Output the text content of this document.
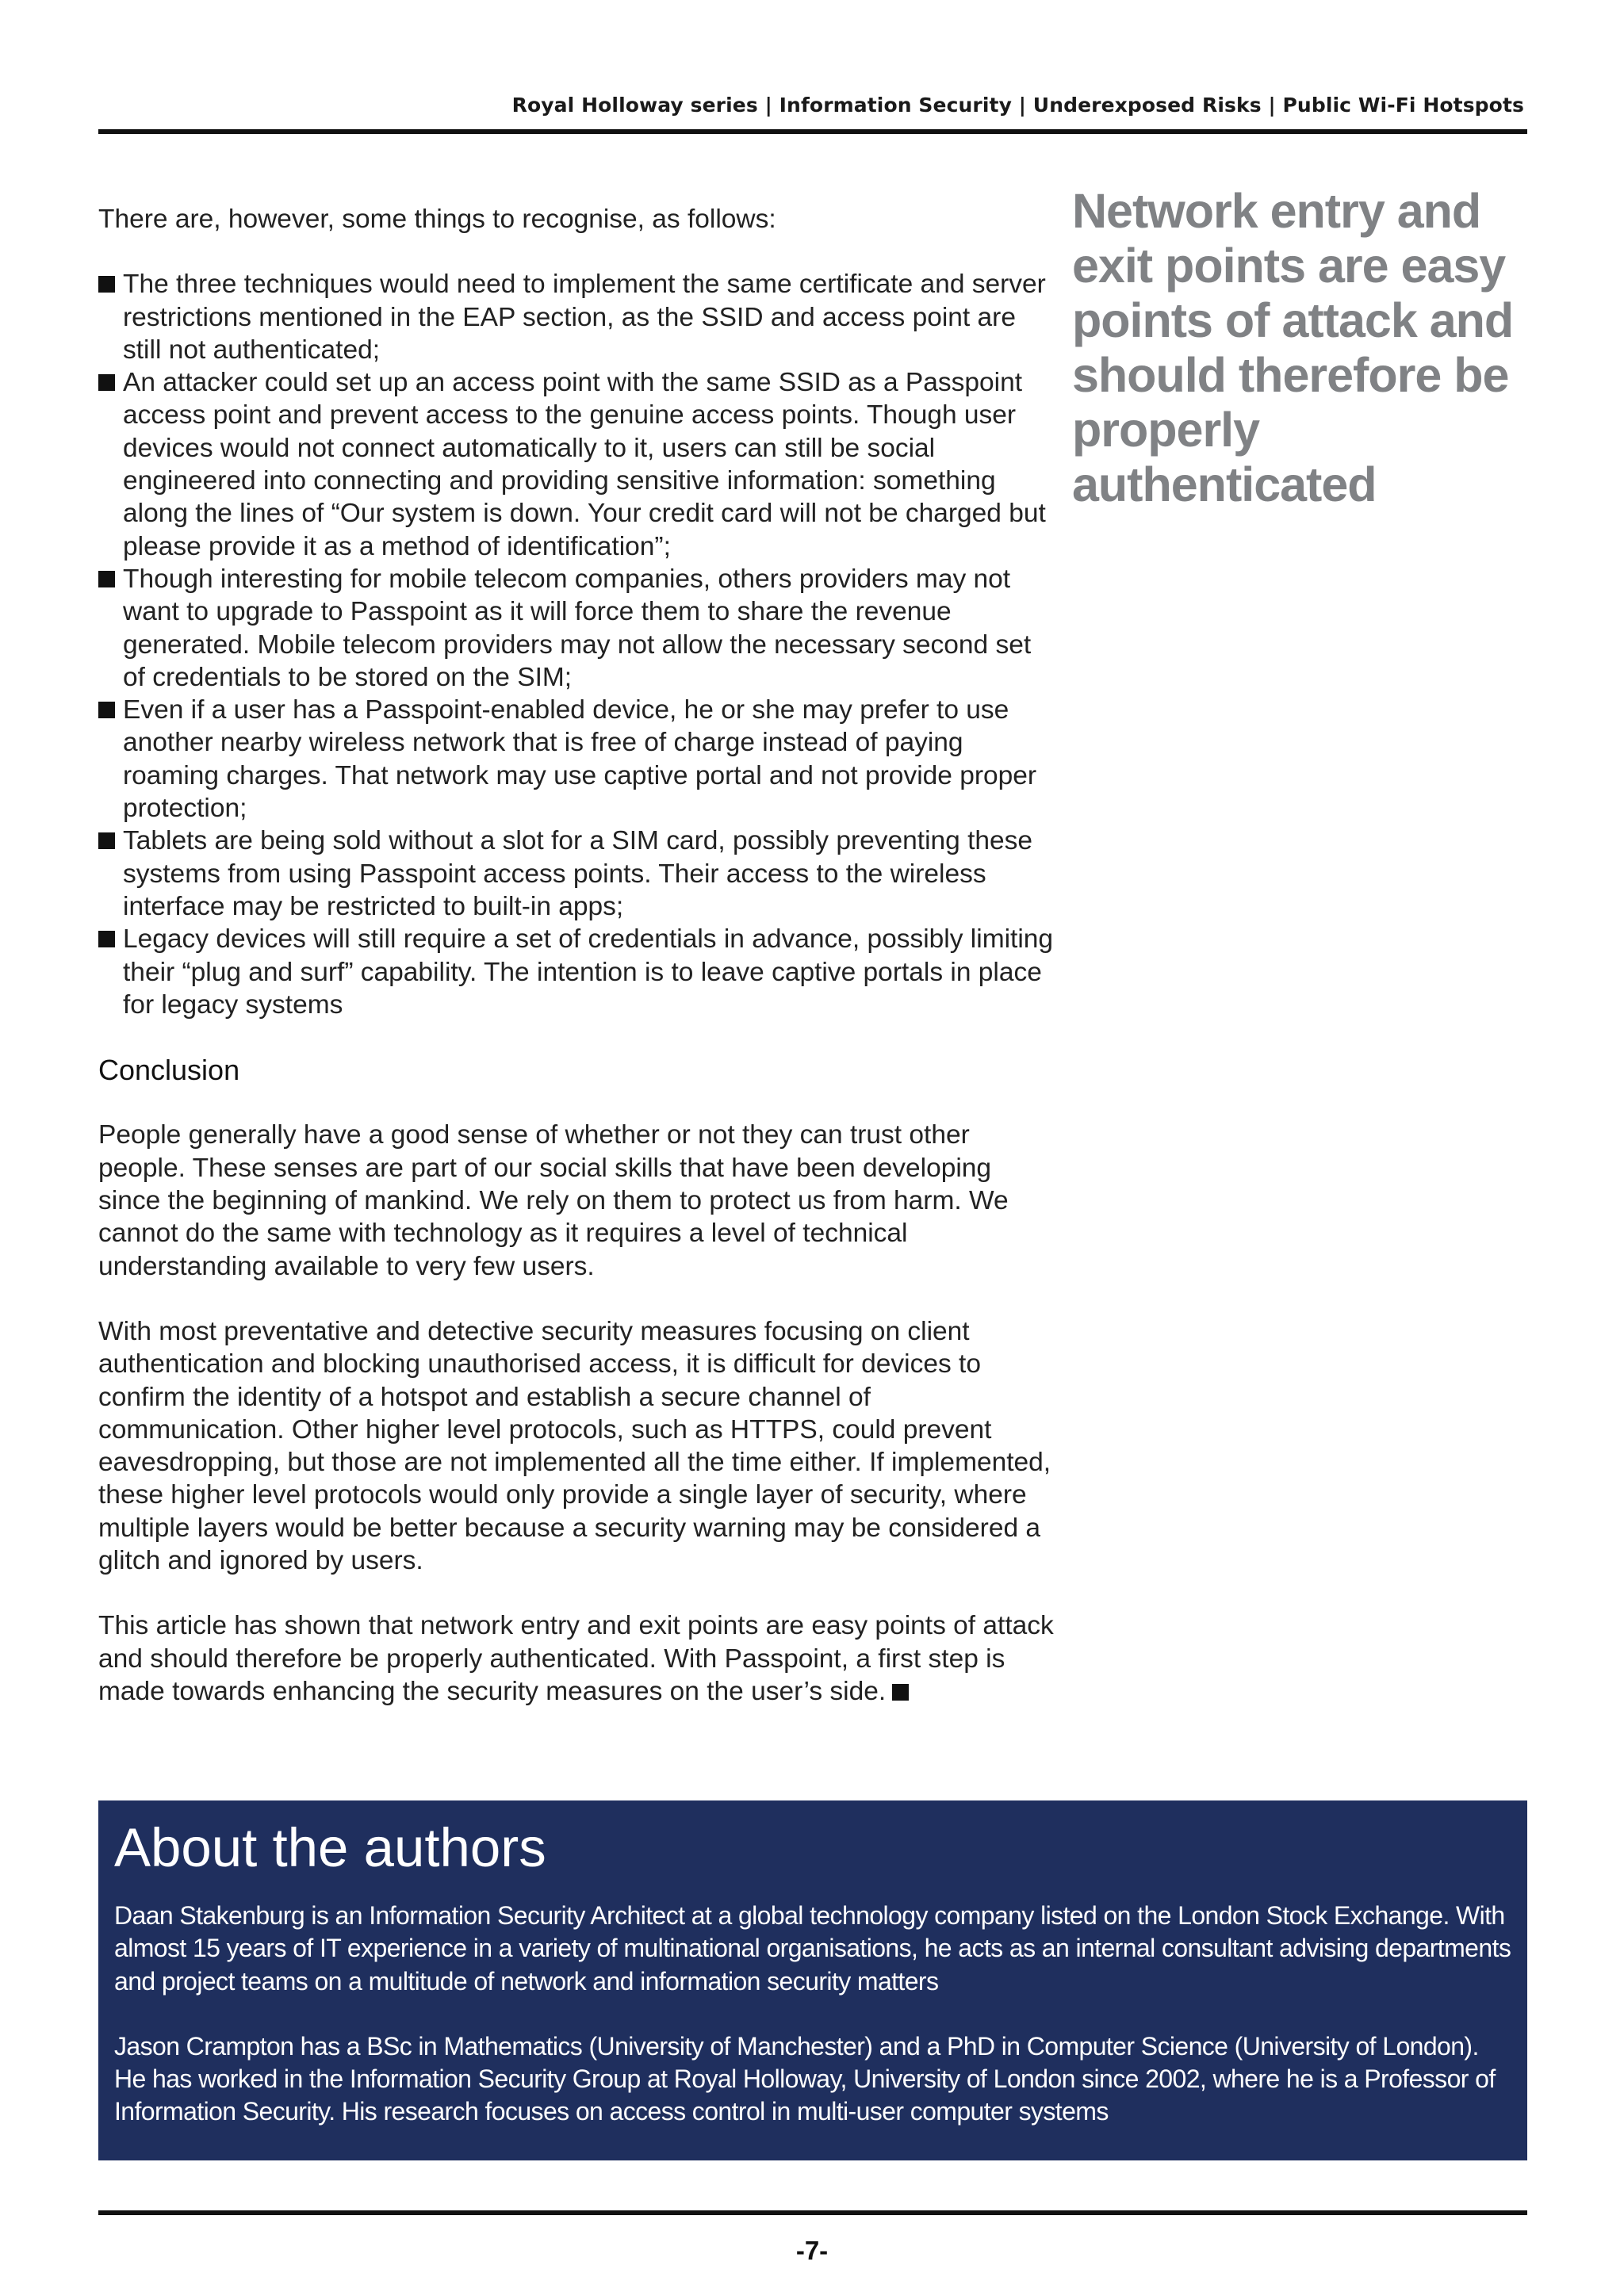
Royal Holloway series | Information Security | Underexposed Risks | Public Wi-Fi Hotspots

There are, however, some things to recognise, as follows:

The three techniques would need to implement the same certificate and server restrictions mentioned in the EAP section, as the SSID and access point are still not authenticated;
An attacker could set up an access point with the same SSID as a Passpoint access point and prevent access to the genuine access points. Though user devices would not connect automatically to it, users can still be social engineered into connecting and providing sensitive information: something along the lines of “Our system is down. Your credit card will not be charged but please provide it as a method of identification”;
Though interesting for mobile telecom companies, others providers may not want to upgrade to Passpoint as it will force them to share the revenue generated. Mobile telecom providers may not allow the necessary second set of credentials to be stored on the SIM;
Even if a user has a Passpoint-enabled device, he or she may prefer to use another nearby wireless network that is free of charge instead of paying roaming charges. That network may use captive portal and not provide proper protection;
Tablets are being sold without a slot for a SIM card, possibly preventing these systems from using Passpoint access points. Their access to the wireless interface may be restricted to built-in apps;
Legacy devices will still require a set of credentials in advance, possibly limiting their “plug and surf” capability. The intention is to leave captive portals in place for legacy systems
Conclusion

People generally have a good sense of whether or not they can trust other people. These senses are part of our social skills that have been developing since the beginning of mankind. We rely on them to protect us from harm. We cannot do the same with technology as it requires a level of technical understanding available to very few users.

With most preventative and detective security measures focusing on client authentication and blocking unauthorised access, it is difficult for devices to confirm the identity of a hotspot and establish a secure channel of communication. Other higher level protocols, such as HTTPS, could prevent eavesdropping, but those are not implemented all the time either. If implemented, these higher level protocols would only provide a single layer of security, where multiple layers would be better because a security warning may be considered a glitch and ignored by users.

This article has shown that network entry and exit points are easy points of attack and should therefore be properly authenticated. With Passpoint, a first step is made towards enhancing the security measures on the user’s side.

Network entry and exit points are easy points of attack and should therefore be properly authenticated
About the authors

Daan Stakenburg is an Information Security Architect at a global technology company listed on the London Stock Exchange. With almost 15 years of IT experience in a variety of multinational organisations, he acts as an internal consultant advising departments and project teams on a multitude of network and information security matters

Jason Crampton has a BSc in Mathematics (University of Manchester) and a PhD in Computer Science (University of London). He has worked in the Information Security Group at Royal Holloway, University of London since 2002, where he is a Professor of Information Security. His research focuses on access control in multi-user computer systems

-7-
